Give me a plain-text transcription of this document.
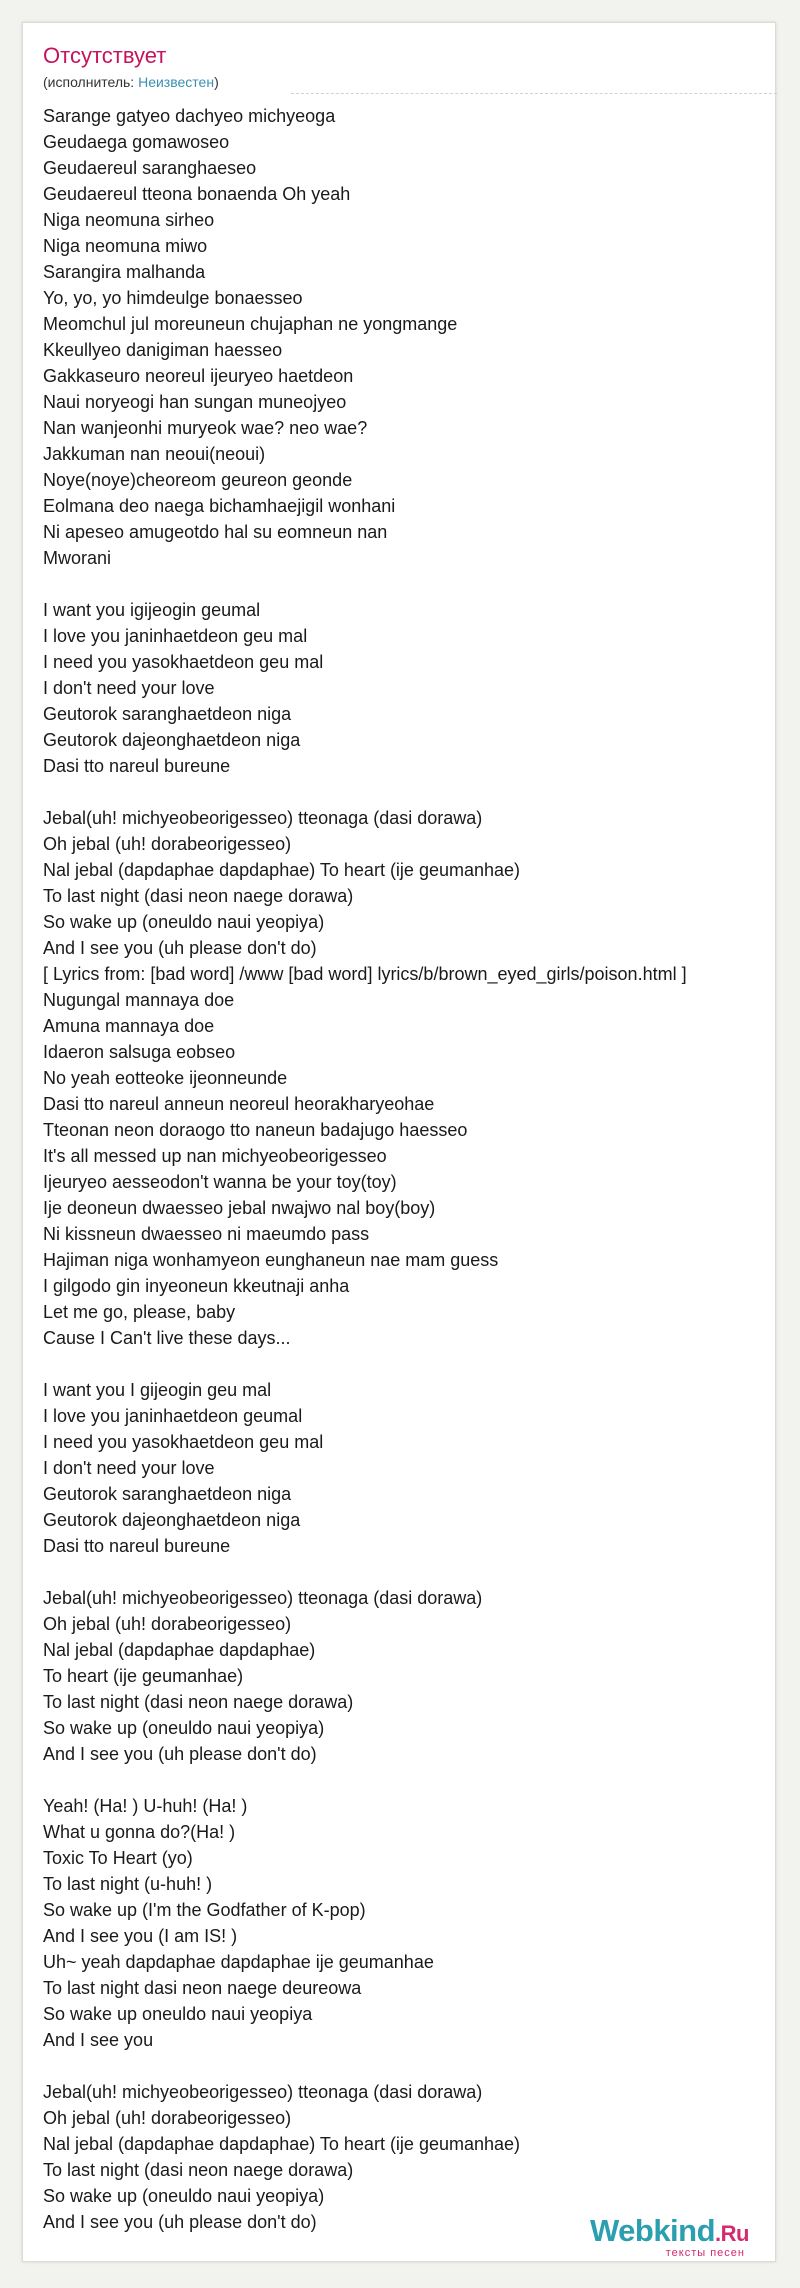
Отсутствует
(исполнитель: Неизвестен)
Sarange gatyeo dachyeo michyeoga
Geudaega gomawoseo
Geudaereul saranghaeseo
Geudaereul tteona bonaenda Oh yeah
Niga neomuna sirheo
Niga neomuna miwo
Sarangira malhanda
Yo, yo, yo himdeulge bonaesseo
Meomchul jul moreuneun chujaphan ne yongmange
Kkeullyeo danigiman haesseo
Gakkaseuro neoreul ijeuryeo haetdeon
Naui noryeogi han sungan muneojyeo
Nan wanjeonhi muryeok wae? neo wae?
Jakkuman nan neoui(neoui)
Noye(noye)cheoreom geureon geonde
Eolmana deo naega bichamhaejigil wonhani
Ni apeseo amugeotdo hal su eomneun nan
Mworani
I want you igijeogin geumal
I love you janinhaetdeon geu mal
I need you yasokhaetdeon geu mal
I don't need your love
Geutorok saranghaetdeon niga
Geutorok dajeonghaetdeon niga
Dasi tto nareul bureune
Jebal(uh! michyeobeorigesseo) tteonaga (dasi dorawa)
Oh jebal (uh! dorabeorigesseo)
Nal jebal (dapdaphae dapdaphae) To heart (ije geumanhae)
To last night (dasi neon naege dorawa)
So wake up (oneuldo naui yeopiya)
And I see you (uh please don't do)
[ Lyrics from: [bad word] /www [bad word] lyrics/b/brown_eyed_girls/poison.html ]
Nugungal mannaya doe
Amuna mannaya doe
Idaeron salsuga eobseo
No yeah eotteoke ijeonneunde
Dasi tto nareul anneun neoreul heorakharyeohae
Tteonan neon doraogo tto naneun badajugo haesseo
It's all messed up nan michyeobeorigesseo
Ijeuryeo aesseodon't wanna be your toy(toy)
Ije deoneun dwaesseo jebal nwajwo nal boy(boy)
Ni kissneun dwaesseo ni maeumdo pass
Hajiman niga wonhamyeon eunghaneun nae mam guess
I gilgodo gin inyeoneun kkeutnaji anha
Let me go, please, baby
Cause I Can't live these days...
I want you I gijeogin geu mal
I love you janinhaetdeon geumal
I need you yasokhaetdeon geu mal
I don't need your love
Geutorok saranghaetdeon niga
Geutorok dajeonghaetdeon niga
Dasi tto nareul bureune
Jebal(uh! michyeobeorigesseo) tteonaga (dasi dorawa)
Oh jebal (uh! dorabeorigesseo)
Nal jebal (dapdaphae dapdaphae)
To heart (ije geumanhae)
To last night (dasi neon naege dorawa)
So wake up (oneuldo naui yeopiya)
And I see you (uh please don't do)
Yeah! (Ha! ) U-huh! (Ha! )
What u gonna do?(Ha! )
Toxic To Heart (yo)
To last night (u-huh! )
So wake up (I'm the Godfather of K-pop)
And I see you (I am IS! )
Uh~ yeah dapdaphae dapdaphae ije geumanhae
To last night dasi neon naege deureowa
So wake up oneuldo naui yeopiya
And I see you
Jebal(uh! michyeobeorigesseo) tteonaga (dasi dorawa)
Oh jebal (uh! dorabeorigesseo)
Nal jebal (dapdaphae dapdaphae) To heart (ije geumanhae)
To last night (dasi neon naege dorawa)
So wake up (oneuldo naui yeopiya)
And I see you (uh please don't do)	Webkind.Ru
тексты песен
